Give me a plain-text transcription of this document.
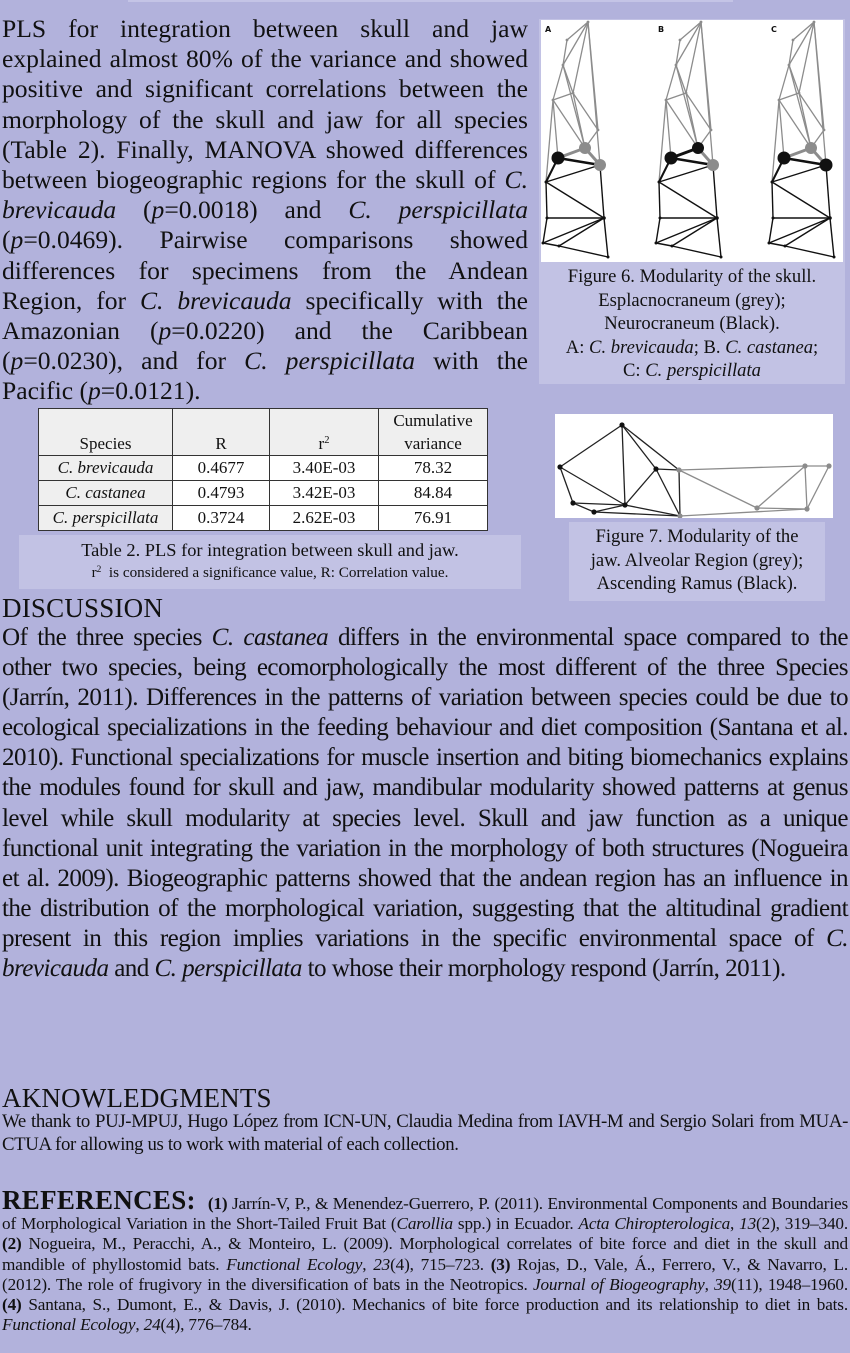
PLS for integration between skull and jaw explained almost 80% of the variance and showed positive and significant correlations between the morphology of the skull and jaw for all species (Table 2). Finally, MANOVA showed differences between biogeographic regions for the skull of C. brevicauda (p=0.0018) and C. perspicillata (p=0.0469). Pairwise comparisons showed differences for specimens from the Andean Region, for C. brevicauda specifically with the Amazonian (p=0.0220) and the Caribbean (p=0.0230), and for C. perspicillata with the Pacific (p=0.0121).
A	B	C
Figure 6. Modularity of the skull.
Esplacnocraneum (grey);
Neurocraneum (Black).
A: C. brevicauda; B. C. castanea;
C: C. perspicillata
Species	R	$r^2$	Cumulative
variance
C. brevicauda	0.4677	3.40E-03	78.32
C. castanea	0.4793	3.42E-03	84.84
C. perspicillata	0.3724	2.62E-03	76.91
Table 2. PLS for integration between skull and jaw.
$r^2$  is considered a significance value, R: Correlation value.
Figure 7. Modularity of the
jaw. Alveolar Region (grey);
Ascending Ramus (Black).
DISCUSSION
Of the three species C. castanea differs in the environmental space compared to the other two species, being ecomorphologically the most different of the three Species (Jarrín, 2011). Differences in the patterns of variation between species could be due to ecological specializations in the feeding behaviour and diet composition (Santana et al. 2010). Functional specializations for muscle insertion and biting biomechanics explains the modules found for skull and jaw, mandibular modularity showed patterns at genus level while skull modularity at species level. Skull and jaw function as a unique functional unit integrating the variation in the morphology of both structures (Nogueira et al. 2009). Biogeographic patterns showed that the andean region has an influence in the distribution of the morphological variation, suggesting that the altitudinal gradient present in this region implies variations in the specific environmental space of C. brevicauda and C. perspicillata to whose their morphology respond (Jarrín, 2011).
AKNOWLEDGMENTS
We thank to PUJ-MPUJ, Hugo López from ICN-UN, Claudia Medina from IAVH-M and Sergio Solari from MUA-CTUA for allowing us to work with material of each collection.
REFERENCES: (1) Jarrín-V, P., & Menendez-Guerrero, P. (2011). Environmental Components and Boundaries of Morphological Variation in the Short-Tailed Fruit Bat (Carollia spp.) in Ecuador. Acta Chiropterologica, 13(2), 319–340. (2) Nogueira, M., Peracchi, A., & Monteiro, L. (2009). Morphological correlates of bite force and diet in the skull and mandible of phyllostomid bats. Functional Ecology, 23(4), 715–723. (3) Rojas, D., Vale, Á., Ferrero, V., & Navarro, L. (2012). The role of frugivory in the diversification of bats in the Neotropics. Journal of Biogeography, 39(11), 1948–1960. (4) Santana, S., Dumont, E., & Davis, J. (2010). Mechanics of bite force production and its relationship to diet in bats. Functional Ecology, 24(4), 776–784.
